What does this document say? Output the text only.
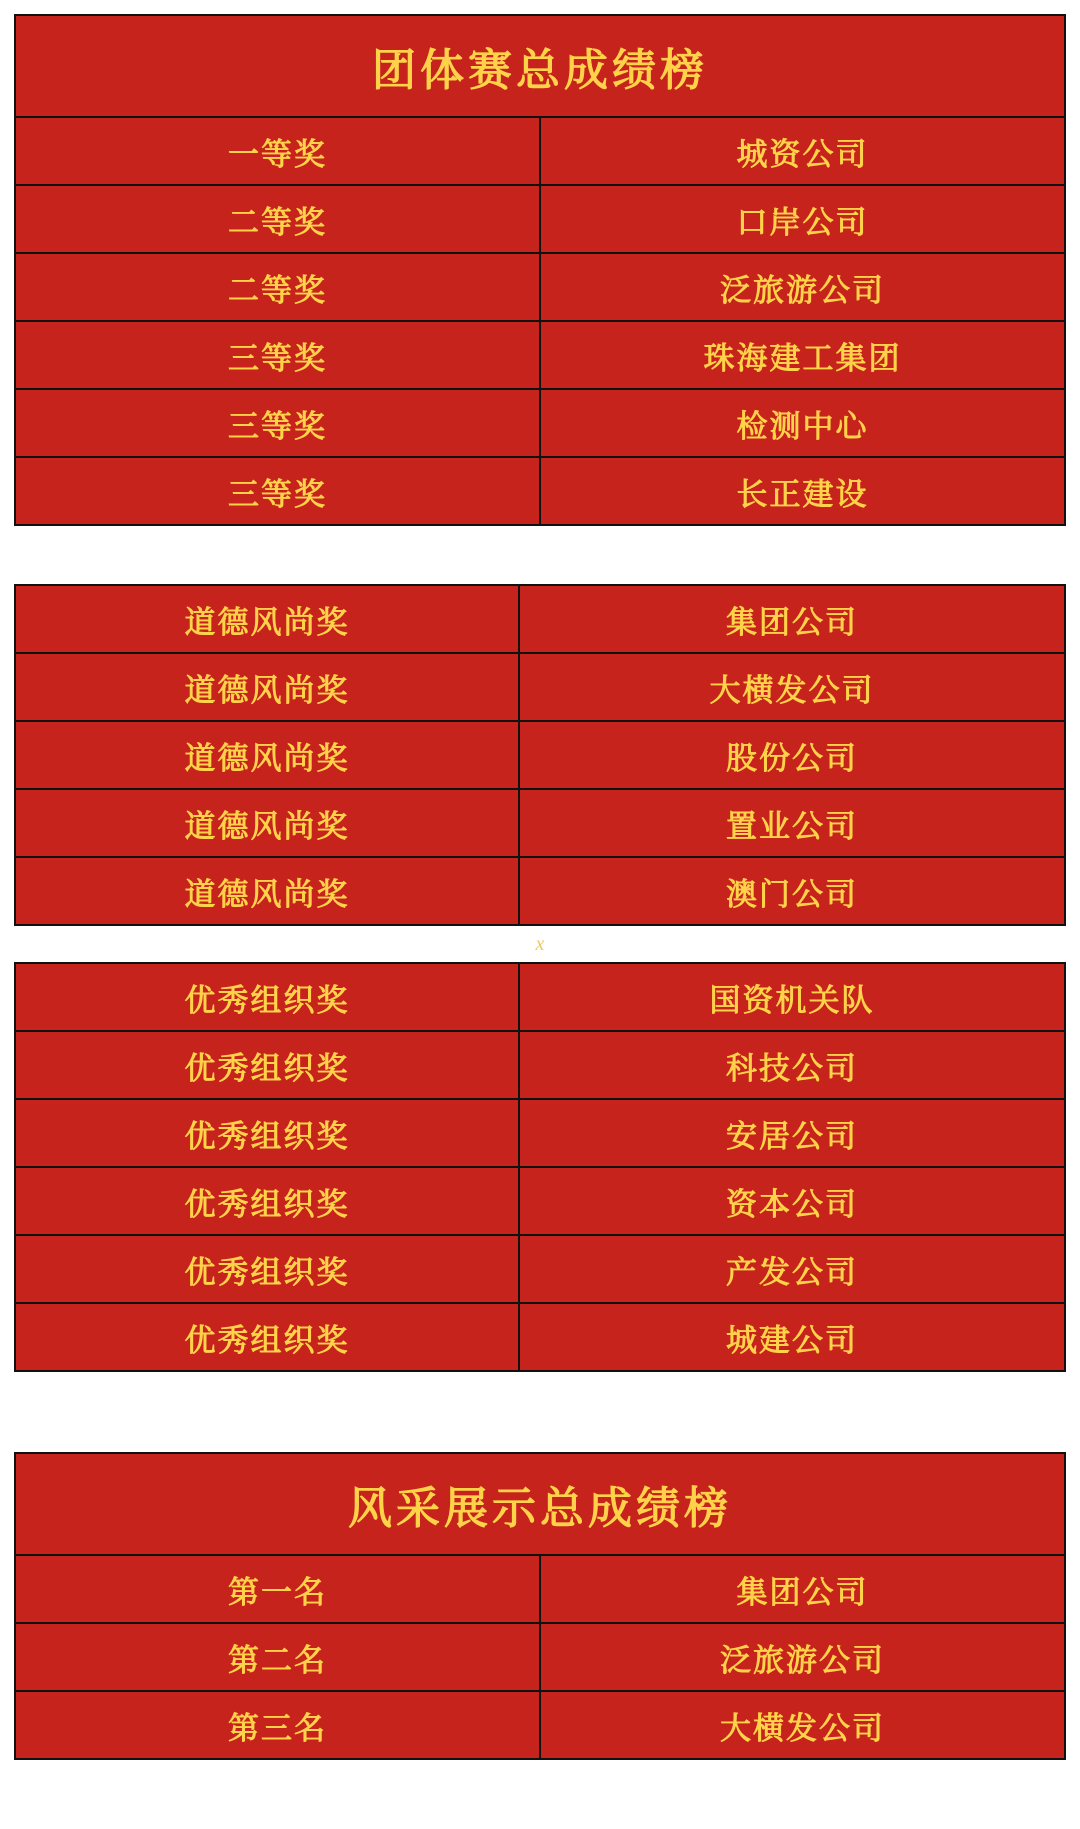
团体赛总成绩榜	
一等奖	城资公司
二等奖	口岸公司
二等奖	泛旅游公司
三等奖	珠海建工集团
三等奖	检测中心
三等奖	长正建设
道德风尚奖	集团公司
道德风尚奖	大横发公司
道德风尚奖	股份公司
道德风尚奖	置业公司
道德风尚奖	澳门公司
x
优秀组织奖	国资机关队
优秀组织奖	科技公司
优秀组织奖	安居公司
优秀组织奖	资本公司
优秀组织奖	产发公司
优秀组织奖	城建公司
风采展示总成绩榜	
第一名	集团公司
第二名	泛旅游公司
第三名	大横发公司
